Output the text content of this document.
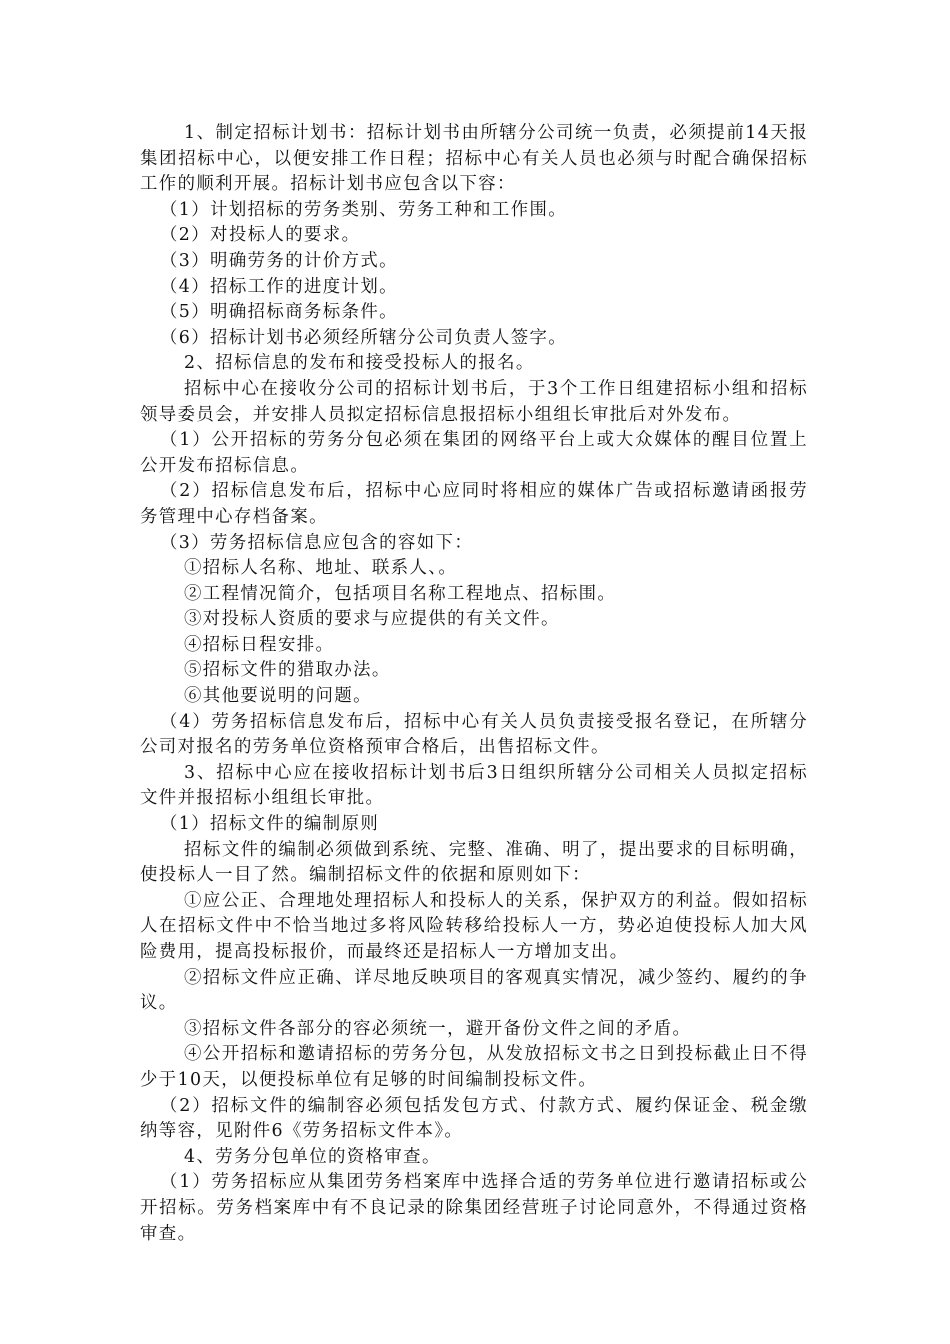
1、制定招标计划书：招标计划书由所辖分公司统一负责，必须提前14天报集团招标中心，以便安排工作日程；招标中心有关人员也必须与时配合确保招标工作的顺利开展。招标计划书应包含以下容：

（1）计划招标的劳务类别、劳务工种和工作围。

（2）对投标人的要求。

（3）明确劳务的计价方式。

（4）招标工作的进度计划。

（5）明确招标商务标条件。

（6）招标计划书必须经所辖分公司负责人签字。

2、招标信息的发布和接受投标人的报名。

招标中心在接收分公司的招标计划书后，于3个工作日组建招标小组和招标领导委员会，并安排人员拟定招标信息报招标小组组长审批后对外发布。

（1）公开招标的劳务分包必须在集团的网络平台上或大众媒体的醒目位置上公开发布招标信息。

（2）招标信息发布后，招标中心应同时将相应的媒体广告或招标邀请函报劳务管理中心存档备案。

（3）劳务招标信息应包含的容如下：

①招标人名称、地址、联系人、。

②工程情况简介，包括项目名称工程地点、招标围。

③对投标人资质的要求与应提供的有关文件。

④招标日程安排。

⑤招标文件的猎取办法。

⑥其他要说明的问题。

（4）劳务招标信息发布后，招标中心有关人员负责接受报名登记，在所辖分公司对报名的劳务单位资格预审合格后，出售招标文件。

3、招标中心应在接收招标计划书后3日组织所辖分公司相关人员拟定招标文件并报招标小组组长审批。

（1）招标文件的编制原则

招标文件的编制必须做到系统、完整、准确、明了，提出要求的目标明确，使投标人一目了然。编制招标文件的依据和原则如下：

①应公正、合理地处理招标人和投标人的关系，保护双方的利益。假如招标人在招标文件中不恰当地过多将风险转移给投标人一方，势必迫使投标人加大风险费用，提高投标报价，而最终还是招标人一方增加支出。

②招标文件应正确、详尽地反映项目的客观真实情况，减少签约、履约的争议。

③招标文件各部分的容必须统一，避开备份文件之间的矛盾。

④公开招标和邀请招标的劳务分包，从发放招标文书之日到投标截止日不得少于10天，以便投标单位有足够的时间编制投标文件。

（2）招标文件的编制容必须包括发包方式、付款方式、履约保证金、税金缴纳等容，见附件6《劳务招标文件本》。

4、劳务分包单位的资格审查。

（1）劳务招标应从集团劳务档案库中选择合适的劳务单位进行邀请招标或公开招标。劳务档案库中有不良记录的除集团经营班子讨论同意外，不得通过资格审查。
